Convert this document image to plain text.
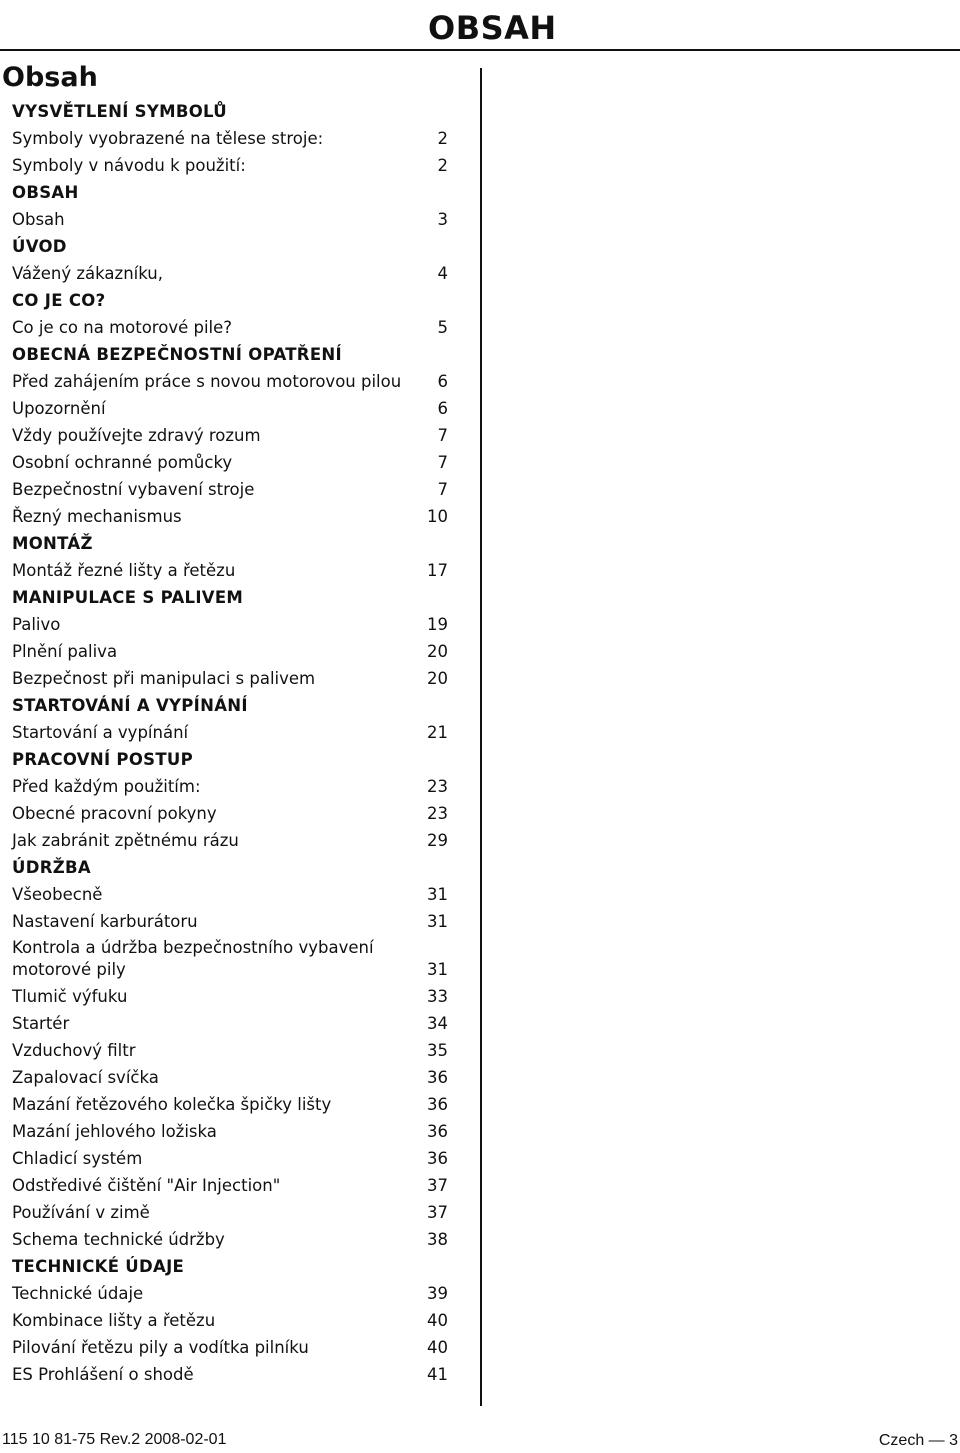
OBSAH
Obsah
VYSVĚTLENÍ SYMBOLŮ
Symboly vyobrazené na tělese stroje:	2
Symboly v návodu k použití:	2
OBSAH
Obsah	3
ÚVOD
Vážený zákazníku,	4
CO JE CO?
Co je co na motorové pile?	5
OBECNÁ BEZPEČNOSTNÍ OPATŘENÍ
Před zahájením práce s novou motorovou pilou	6
Upozornění	6
Vždy používejte zdravý rozum	7
Osobní ochranné pomůcky	7
Bezpečnostní vybavení stroje	7
Řezný mechanismus	10
MONTÁŽ
Montáž řezné lišty a řetězu	17
MANIPULACE S PALIVEM
Palivo	19
Plnění paliva	20
Bezpečnost při manipulaci s palivem	20
STARTOVÁNÍ A VYPÍNÁNÍ
Startování a vypínání	21
PRACOVNÍ POSTUP
Před každým použitím:	23
Obecné pracovní pokyny	23
Jak zabránit zpětnému rázu	29
ÚDRŽBA
Všeobecně	31
Nastavení karburátoru	31
Kontrola a údržba bezpečnostního vybavení motorové pily	31
Tlumič výfuku	33
Startér	34
Vzduchový filtr	35
Zapalovací svíčka	36
Mazání řetězového kolečka špičky lišty	36
Mazání jehlového ložiska	36
Chladicí systém	36
Odstředivé čištění "Air Injection"	37
Používání v zimě	37
Schema technické údržby	38
TECHNICKÉ ÚDAJE
Technické údaje	39
Kombinace lišty a řetězu	40
Pilování řetězu pily a vodítka pilníku	40
ES Prohlášení o shodě	41
115 10 81-75 Rev.2 2008-02-01	Czech — 3
